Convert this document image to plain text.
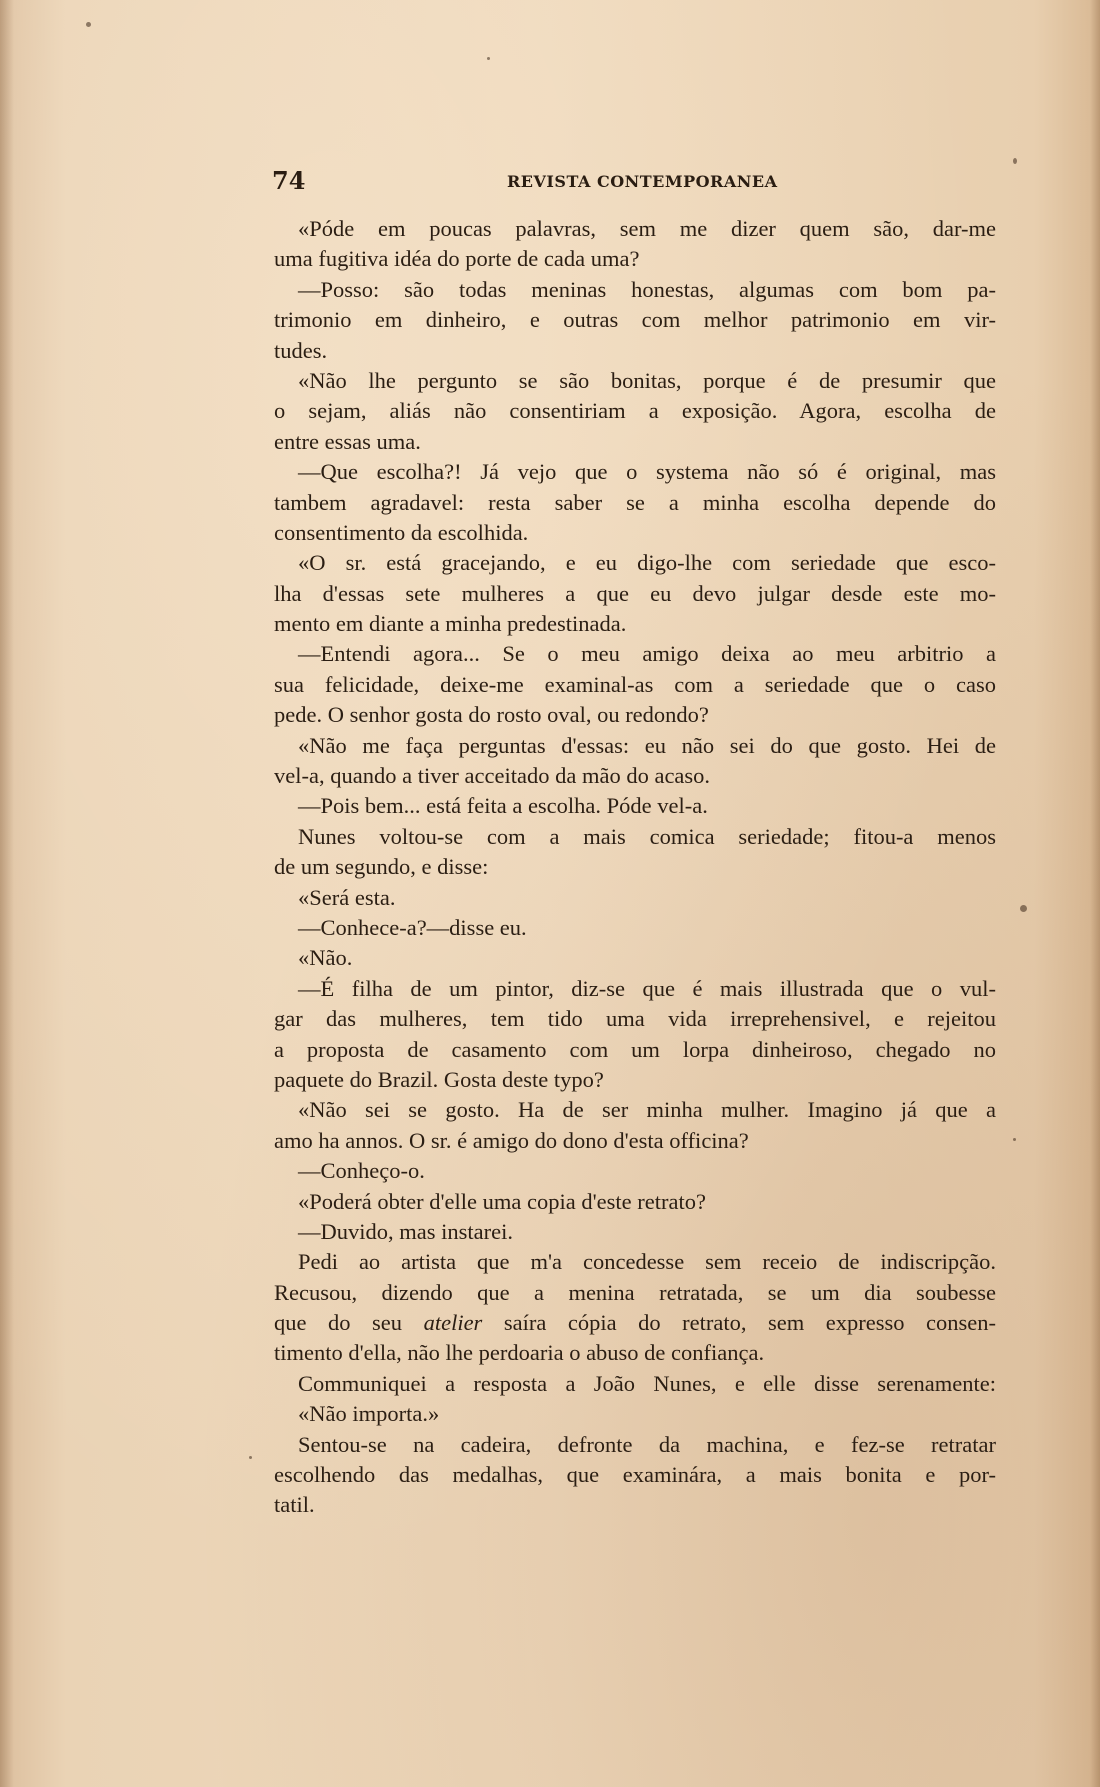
74	REVISTA CONTEMPORANEA
«Póde em poucas palavras, sem me dizer quem são, dar-me
uma fugitiva idéa do porte de cada uma?
—Posso: são todas meninas honestas, algumas com bom pa-
trimonio em dinheiro, e outras com melhor patrimonio em vir-
tudes.
«Não lhe pergunto se são bonitas, porque é de presumir que
o sejam, aliás não consentiriam a exposição. Agora, escolha de
entre essas uma.
—Que escolha?! Já vejo que o systema não só é original, mas
tambem agradavel: resta saber se a minha escolha depende do
consentimento da escolhida.
«O sr. está gracejando, e eu digo-lhe com seriedade que esco-
lha d'essas sete mulheres a que eu devo julgar desde este mo-
mento em diante a minha predestinada.
—Entendi agora... Se o meu amigo deixa ao meu arbitrio a
sua felicidade, deixe-me examinal-as com a seriedade que o caso
pede. O senhor gosta do rosto oval, ou redondo?
«Não me faça perguntas d'essas: eu não sei do que gosto. Hei de
vel-a, quando a tiver acceitado da mão do acaso.
—Pois bem... está feita a escolha. Póde vel-a.
Nunes voltou-se com a mais comica seriedade; fitou-a menos
de um segundo, e disse:
«Será esta.
—Conhece-a?—disse eu.
«Não.
—É filha de um pintor, diz-se que é mais illustrada que o vul-
gar das mulheres, tem tido uma vida irreprehensivel, e rejeitou
a proposta de casamento com um lorpa dinheiroso, chegado no
paquete do Brazil. Gosta deste typo?
«Não sei se gosto. Ha de ser minha mulher. Imagino já que a
amo ha annos. O sr. é amigo do dono d'esta officina?
—Conheço-o.
«Poderá obter d'elle uma copia d'este retrato?
—Duvido, mas instarei.
Pedi ao artista que m'a concedesse sem receio de indiscripção.
Recusou, dizendo que a menina retratada, se um dia soubesse
que do seu atelier saíra cópia do retrato, sem expresso consen-
timento d'ella, não lhe perdoaria o abuso de confiança.
Communiquei a resposta a João Nunes, e elle disse serenamente:
«Não importa.»
Sentou-se na cadeira, defronte da machina, e fez-se retratar
escolhendo das medalhas, que examinára, a mais bonita e por-
tatil.
